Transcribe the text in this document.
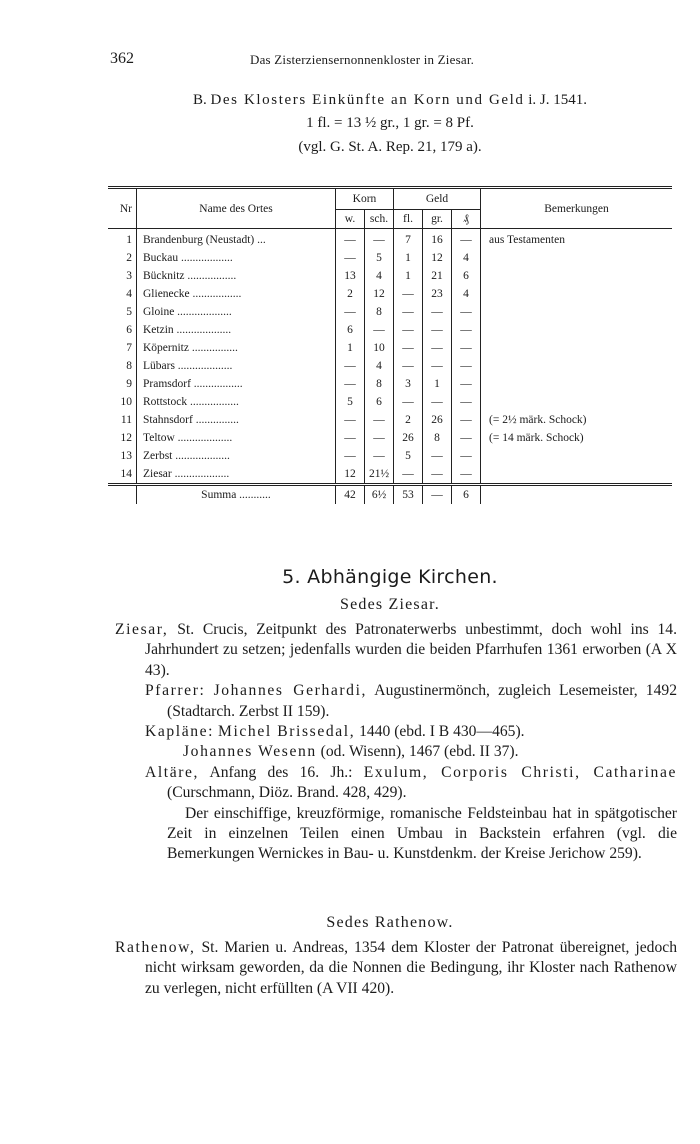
362	Das Zisterziensernonnenkloster in Ziesar.
B. Des Klosters Einkünfte an Korn und Geld i. J. 1541.
1 fl. = 13 ½ gr., 1 gr. = 8 Pf.
(vgl. G. St. A. Rep. 21, 179 a).
Nr	Name des Ortes	Korn		Geld			Bemerkungen
		w.	sch.	fl.	gr.	₰	
1	Brandenburg (Neustadt) ...	—	—	7	16	—	aus Testamenten
2	Buckau ..................	—	5	1	12	4	
3	Bücknitz .................	13	4	1	21	6	
4	Glienecke .................	2	12	—	23	4	
5	Gloine ...................	—	8	—	—	—	
6	Ketzin ...................	6	—	—	—	—	
7	Köpernitz ................	1	10	—	—	—	
8	Lübars ...................	—	4	—	—	—	
9	Pramsdorf .................	—	8	3	1	—	
10	Rottstock .................	5	6	—	—	—	
11	Stahnsdorf ...............	—	—	2	26	—	(= 2½ märk. Schock)
12	Teltow ...................	—	—	26	8	—	(= 14 märk. Schock)
13	Zerbst ...................	—	—	5	—	—	
14	Ziesar ...................	12	21½	—	—	—	
	Summa ...........	42	6½	53	—	6	
5. Abhängige Kirchen.
Sedes Ziesar.

Ziesar, St. Crucis, Zeitpunkt des Patronaterwerbs unbestimmt, doch wohl ins 14. Jahrhundert zu setzen; jedenfalls wurden die beiden Pfarrhufen 1361 erworben (A X 43).

Pfarrer: Johannes Gerhardi, Augustinermönch, zugleich Lesemeister, 1492 (Stadtarch. Zerbst II 159).

Kapläne: Michel Brissedal, 1440 (ebd. I B 430—465).

Johannes Wesenn (od. Wisenn), 1467 (ebd. II 37).

Altäre, Anfang des 16. Jh.: Exulum, Corporis Christi, Catharinae (Curschmann, Diöz. Brand. 428, 429).

Der einschiffige, kreuzförmige, romanische Feldsteinbau hat in spätgotischer Zeit in einzelnen Teilen einen Umbau in Backstein erfahren (vgl. die Bemerkungen Wernickes in Bau- u. Kunstdenkm. der Kreise Jerichow 259).

Sedes Rathenow.

Rathenow, St. Marien u. Andreas, 1354 dem Kloster der Patronat übereignet, jedoch nicht wirksam geworden, da die Nonnen die Bedingung, ihr Kloster nach Rathenow zu verlegen, nicht erfüllten (A VII 420).
